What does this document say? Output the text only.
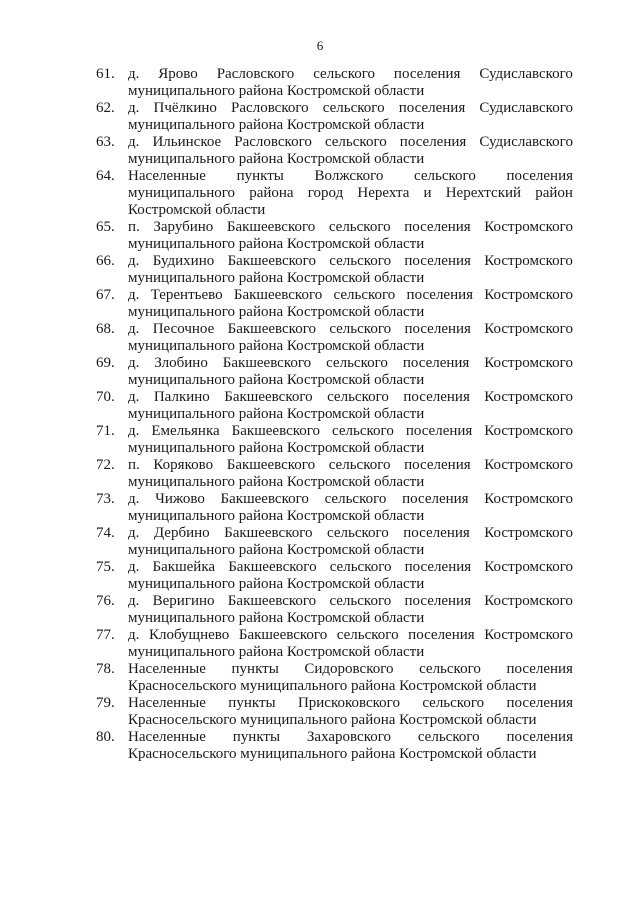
6
61. д. Ярово Расловского сельского поселения Судиславского
муниципального района Костромской области
62. д. Пчёлкино Расловского сельского поселения Судиславского
муниципального района Костромской области
63. д. Ильинское Расловского сельского поселения Судиславского
муниципального района Костромской области
64. Населенные пункты Волжского сельского поселения
муниципального района город Нерехта и Нерехтский район
Костромской области
65. п. Зарубино Бакшеевского сельского поселения Костромского
муниципального района Костромской области
66. д. Будихино Бакшеевского сельского поселения Костромского
муниципального района Костромской области
67. д. Терентьево Бакшеевского сельского поселения Костромского
муниципального района Костромской области
68. д. Песочное Бакшеевского сельского поселения Костромского
муниципального района Костромской области
69. д. Злобино Бакшеевского сельского поселения Костромского
муниципального района Костромской области
70. д. Палкино Бакшеевского сельского поселения Костромского
муниципального района Костромской области
71. д. Емельянка Бакшеевского сельского поселения Костромского
муниципального района Костромской области
72. п. Коряково Бакшеевского сельского поселения Костромского
муниципального района Костромской области
73. д. Чижово Бакшеевского сельского поселения Костромского
муниципального района Костромской области
74. д. Дербино Бакшеевского сельского поселения Костромского
муниципального района Костромской области
75. д. Бакшейка Бакшеевского сельского поселения Костромского
муниципального района Костромской области
76. д. Веригино Бакшеевского сельского поселения Костромского
муниципального района Костромской области
77. д. Клобущнево Бакшеевского сельского поселения Костромского
муниципального района Костромской области
78. Населенные пункты Сидоровского сельского поселения
Красносельского муниципального района Костромской области
79. Населенные пункты Прискоковского сельского поселения
Красносельского муниципального района Костромской области
80. Населенные пункты Захаровского сельского поселения
Красносельского муниципального района Костромской области
